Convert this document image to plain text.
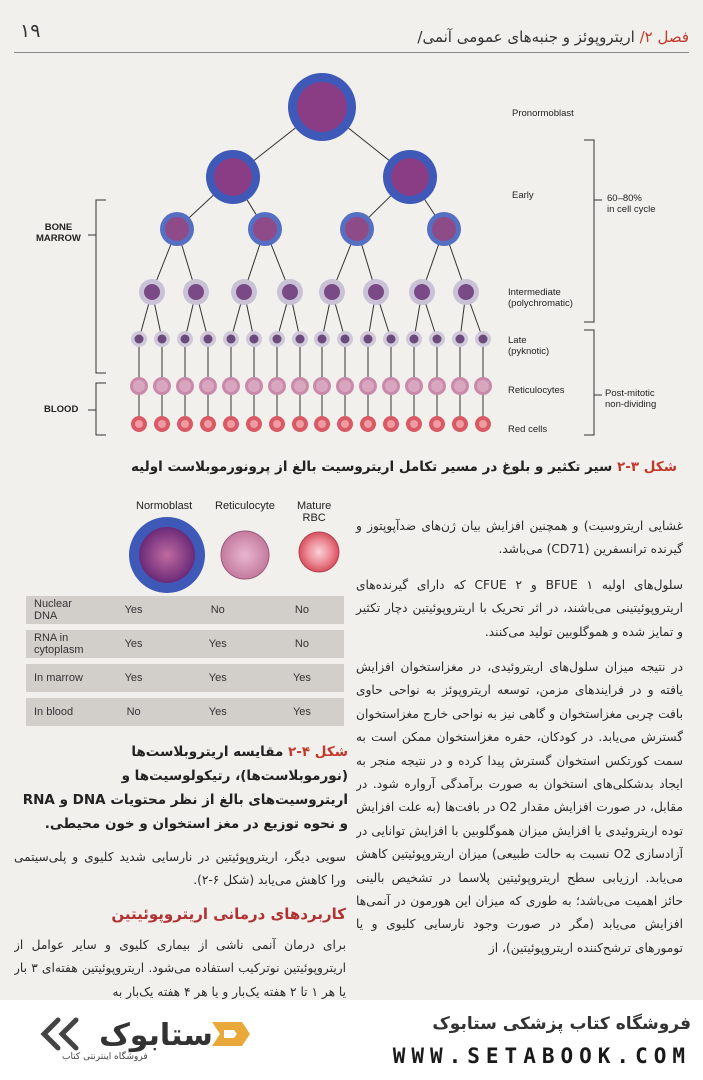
۱۹	فصل ۲/ اریتروپوئز و جنبه‌های عمومی آنمی/
Pronormoblast
Early
Intermediate
(polychromatic)
Late
(pyknotic)
Reticulocytes
Red cells
60–80%
in cell cycle
Post-mitotic
non-dividing
BONE
MARROW
BLOOD
شکل ۳-۲ سیر تکثیر و بلوغ در مسیر تکامل اریتروسیت بالغ از پرونورموبلاست اولیه
Normoblast Reticulocyte Mature
RBC
Nuclear DNA	Yes	No	No
RNA in cytoplasm	Yes	Yes	No
In marrow	Yes	Yes	Yes
In blood	No	Yes	Yes
شکل ۴-۲ مقایسه اریتروبلاست‌ها (نورموبلاست‌ها)، رتیکولوسیت‌ها و اریتروسیت‌های بالغ از نظر محتویات DNA و RNA و نحوه توزیع در مغز استخوان و خون محیطی.
غشایی اریتروسیت) و همچنین افزایش بیان ژن‌های ضدآپوپتوز و گیرنده ترانسفرین (CD71) می‌باشد.
سلول‌های اولیه BFU‌E ۱ و CFU‌E ۲ که دارای گیرنده‌های اریتروپوئیتینی می‌باشند، در اثر تحریک با اریتروپوئیتین دچار تکثیر و تمایز شده و هموگلوبین تولید می‌کنند.
در نتیجه میزان سلول‌های اریتروئیدی، در مغزاستخوان افزایش یافته و در فرایندهای مزمن، توسعه اریتروپوئز به نواحی حاوی بافت چربی مغزاستخوان و گاهی نیز به نواحی خارج مغزاستخوان گسترش می‌یابد. در کودکان، حفره مغزاستخوان ممکن است به سمت کورتکس استخوان گسترش پیدا کرده و در نتیجه منجر به ایجاد بدشکلی‌های استخوان به صورت برآمدگی آرواره شود. در مقابل، در صورت افزایش مقدار O2 در بافت‌ها (به علت افزایش توده اریتروئیدی یا افزایش میزان هموگلوبین با افزایش توانایی در آزادسازی O2 نسبت به حالت طبیعی) میزان اریتروپوئیتین کاهش می‌یابد. ارزیابی سطح اریتروپوئیتین پلاسما در تشخیص بالینی حائز اهمیت می‌باشد؛ به طوری که میزان این هورمون در آنمی‌ها افزایش می‌یابد (مگر در صورت وجود نارسایی کلیوی و یا تومورهای ترشح‌کننده اریتروپوئیتین)، از
سویی دیگر، اریتروپوئیتین در نارسایی شدید کلیوی و پلی‌سیتمی ورا کاهش می‌یابد (شکل ۶-۲).
کاربردهای درمانی اریتروپوئیتین
برای درمان آنمی ناشی از بیماری کلیوی و سایر عوامل از اریتروپوئیتین نوترکیب استفاده می‌شود. اریتروپوئیتین هفته‌ای ۳ بار یا هر ۱ تا ۲ هفته یک‌بار و یا هر ۴ هفته یک‌بار به
ستابوک
فروشگاه اینترنتی کتاب
فروشگاه کتاب پزشکی ستابوک
WWW.SETABOOK.COM
